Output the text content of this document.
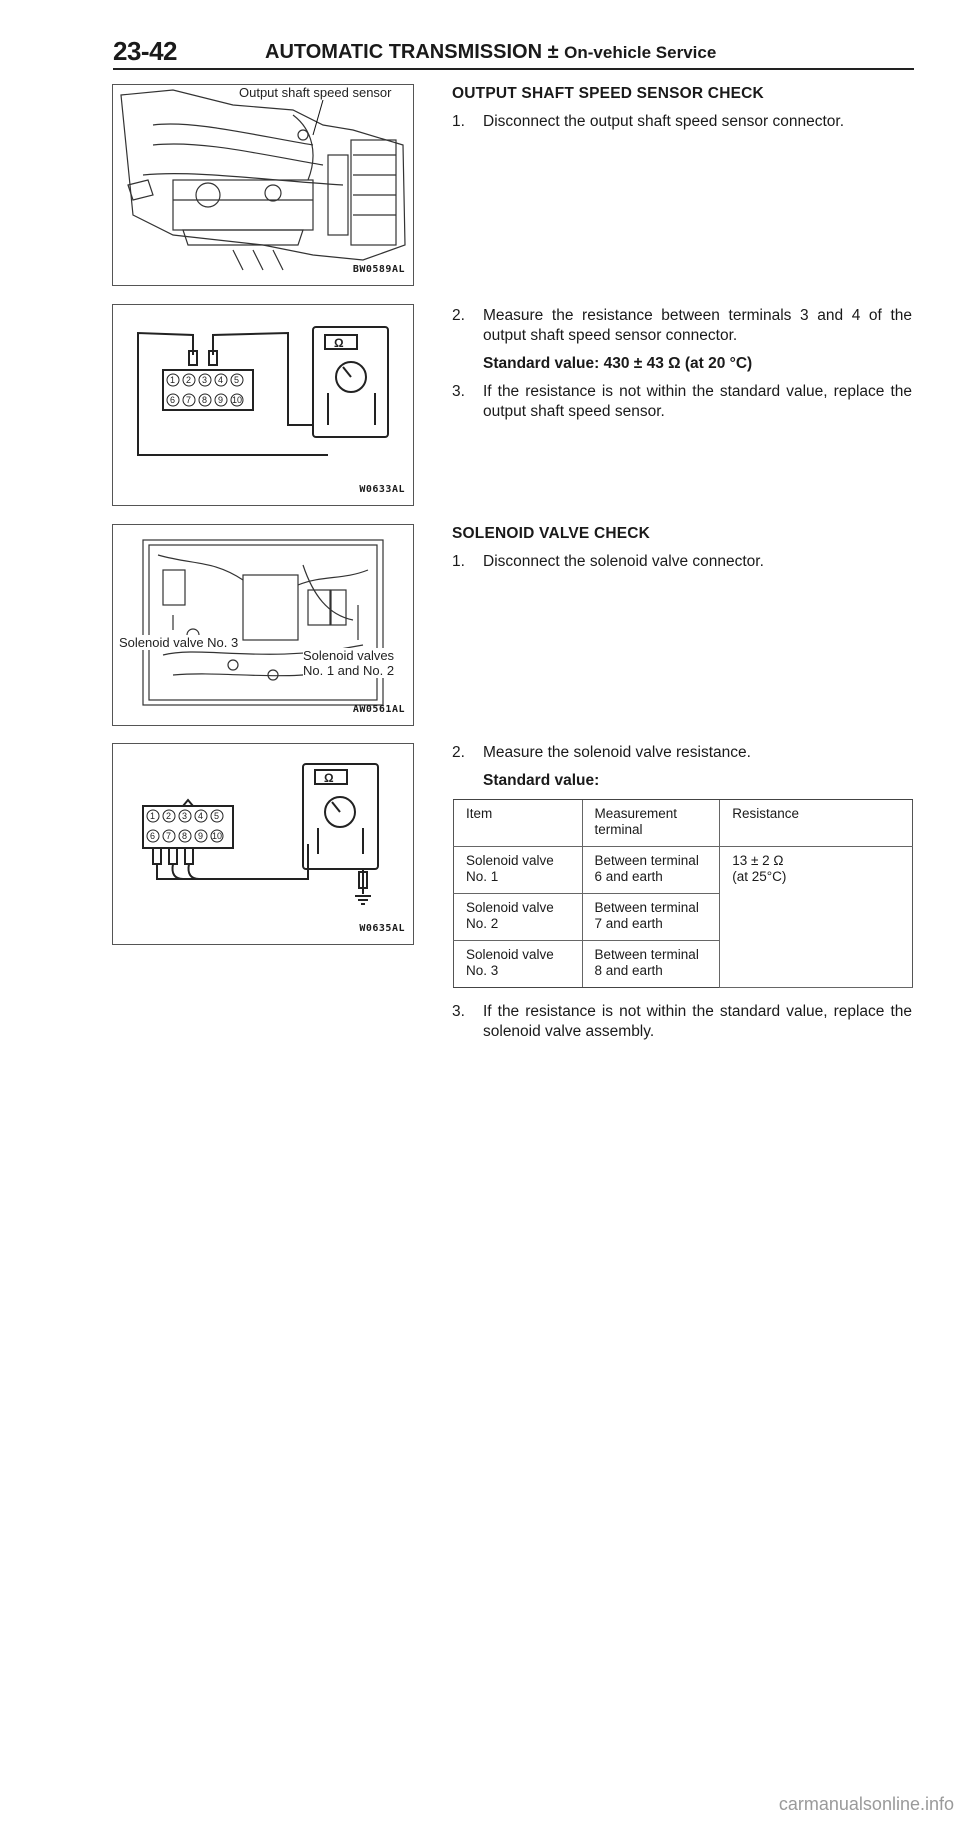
23-42	AUTOMATIC TRANSMISSION ± On-vehicle Service
Output shaft speed sensor
BW0589AL
1 2 3 4 5
6 7 8 9 10
Ω
W0633AL
Solenoid valve No. 3
Solenoid valves
No. 1 and No. 2
AW0561AL
1 2 3 4 5
6 7 8 9 10
Ω
W0635AL
OUTPUT SHAFT SPEED SENSOR CHECK
1. Disconnect the output shaft speed sensor connector.
2. Measure the resistance between terminals 3 and 4 of the output shaft speed sensor connector.
Standard value: 430 ± 43 Ω (at 20 °C)
3. If the resistance is not within the standard value, replace the output shaft speed sensor.
SOLENOID VALVE CHECK
1. Disconnect the solenoid valve connector.
2. Measure the solenoid valve resistance.
Standard value:
Item	Measurement terminal	Resistance
Solenoid valve No. 1	Between terminal 6 and earth	13 ± 2 Ω
(at 25°C)

Solenoid valve No. 2	Between terminal 7 and earth	
Solenoid valve No. 3	Between terminal 8 and earth	
3. If the resistance is not within the standard value, replace the solenoid valve assembly.
carmanualsonline.info
